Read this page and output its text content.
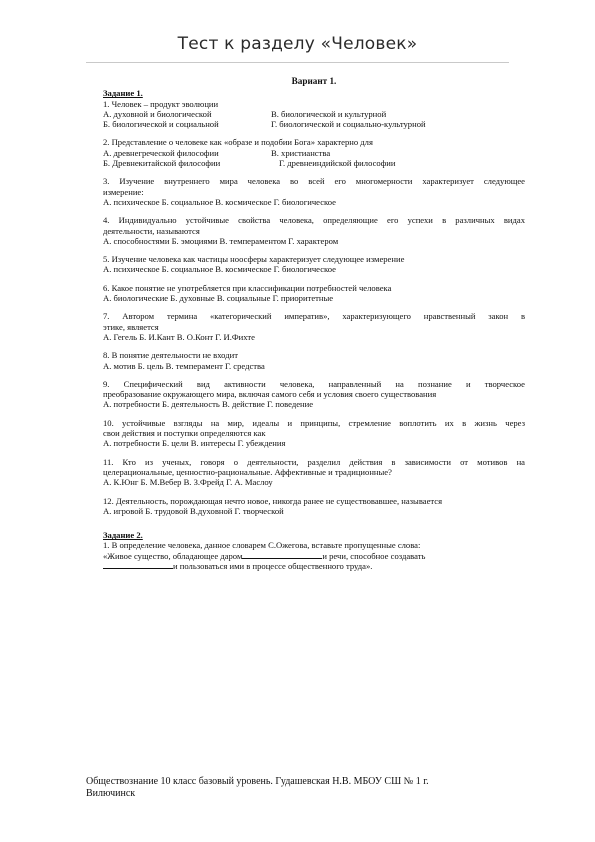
Тест к разделу «Человек»
Вариант 1.
Задание 1.
1. Человек – продукт эволюции
А. духовной и биологической	В. биологической и культурной
Б. биологической и социальной	Г. биологической и социально-культурной
2. Представление о человеке как «образе и подобии Бога» характерно для
А. древнегреческой философии	В. христианства
Б. Древнекитайской философии	Г. древнеиндийской философии
3. Изучение внутреннего мира человека во всей его многомерности характеризует следующее
измерение:
А. психическое Б. социальное В. космическое Г. биологическое
4. Индивидуально устойчивые свойства человека, определяющие его успехи в различных видах
деятельности, называются
А. способностями Б. эмоциями В. темпераментом Г. характером
5. Изучение человека как частицы ноосферы характеризует следующее измерение
А. психическое Б. социальное В. космическое Г. биологическое
6. Какое понятие не употребляется при классификации потребностей человека
А. биологические Б. духовные В. социальные Г. приоритетные
7. Автором термина «категорический императив», характеризующего нравственный закон в
этике, является
А. Гегель Б. И.Кант В. О.Конт Г. И.Фихте
8. В понятие деятельности не входит
А. мотив Б. цель В. темперамент Г. средства
9. Специфический вид активности человека, направленный на познание и творческое
преобразование окружающего мира, включая самого себя и условия своего существования
А. потребности Б. деятельность В. действие Г. поведение
10. устойчивые взгляды на мир, идеалы и принципы, стремление воплотить их в жизнь через
свои действия и поступки определяются как
А. потребности Б. цели В. интересы Г. убеждения
11. Кто из ученых, говоря о деятельности, разделил действия в зависимости от мотивов на
целерациональные, ценностно-рациональные. Аффективные и традиционные?
А. К.Юнг Б. М.Вебер В. З.Фрейд Г. А. Маслоу
12. Деятельность, порождающая нечто новое, никогда ранее не существовавшее, называется
А. игровой Б. трудовой В.духовной Г. творческой
Задание 2.
1. В определение человека, данное словарем С.Ожегова, вставьте пропущенные слова:
«Живое существо, обладающее даром	и речи, способное создавать
и пользоваться ими в процессе общественного труда».
Обществознание 10 класс базовый уровень. Гудашевская Н.В. МБОУ СШ № 1 г.
Вилючинск
